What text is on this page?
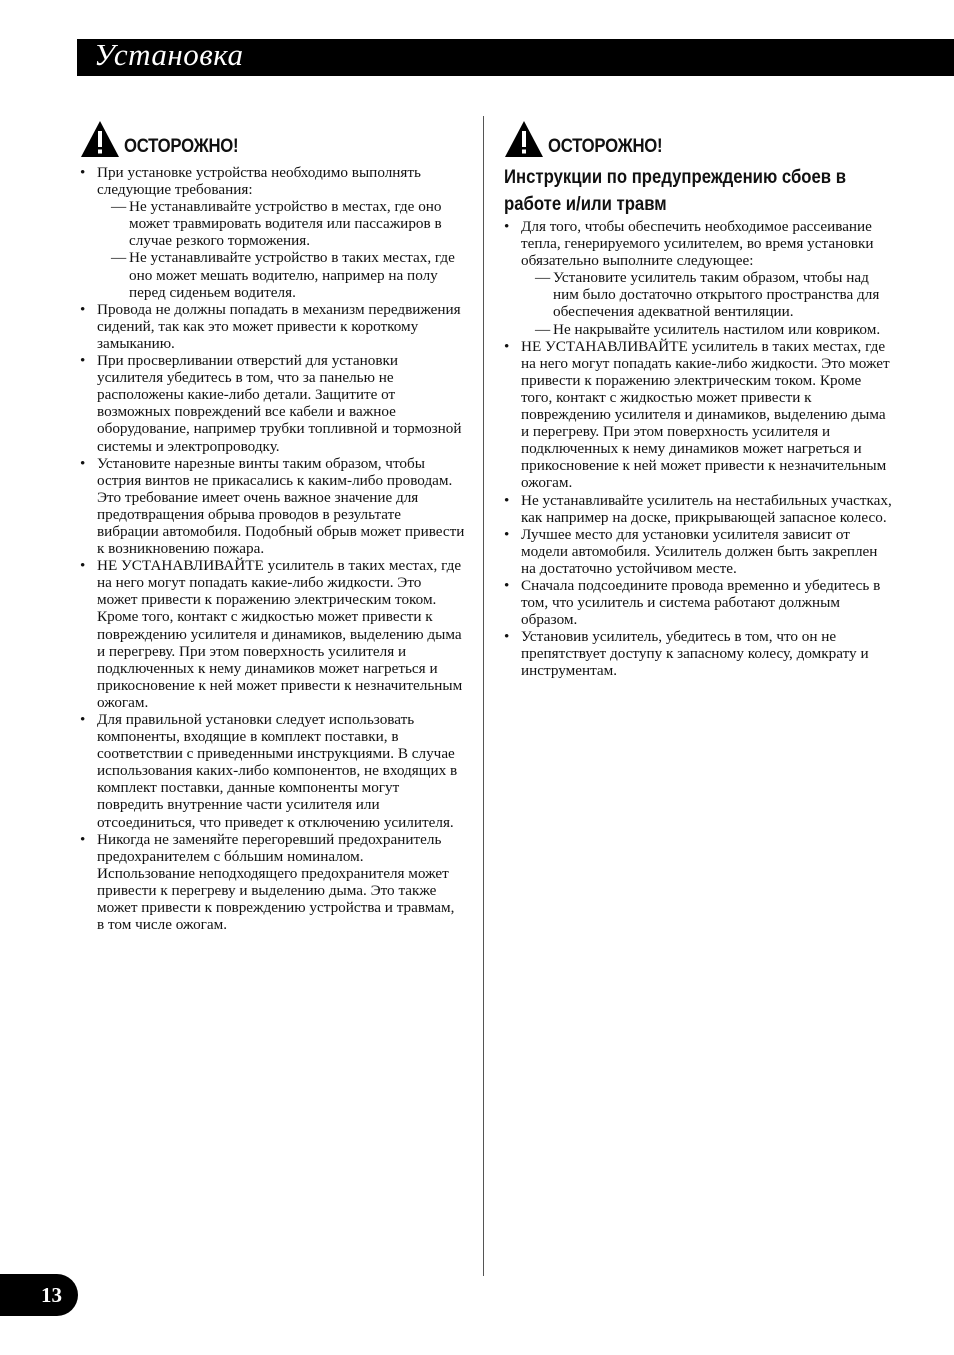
Установка
ОСТОРОЖНО!
• При установке устройства необходимо выполнять следующие требования:
— Не устанавливайте устройство в местах, где оно может травмировать водителя или пассажиров в случае резкого торможения.
— Не устанавливайте устройство в таких местах, где оно может мешать водителю, например на полу перед сиденьем водителя.
• Провода не должны попадать в механизм передвижения сидений, так как это может привести к короткому замыканию.
• При просверливании отверстий для установки усилителя убедитесь в том, что за панелью не расположены какие-либо детали. Защитите от возможных повреждений все кабели и важное оборудование, например трубки топливной и тормозной системы и электропроводку.
• Установите нарезные винты таким образом, чтобы острия винтов не прикасались к каким-либо проводам. Это требование имеет очень важное значение для предотвращения обрыва проводов в результате вибрации автомобиля. Подобный обрыв может привести к возникновению пожара.
• НЕ УСТАНАВЛИВАЙТЕ усилитель в таких местах, где на него могут попадать какие-либо жидкости. Это может привести к поражению электрическим током. Кроме того, контакт с жидкостью может привести к повреждению усилителя и динамиков, выделению дыма и перегреву. При этом поверхность усилителя и подключенных к нему динамиков может нагреться и прикосновение к ней может привести к незначительным ожогам.
• Для правильной установки следует использовать компоненты, входящие в комплект поставки, в соответствии с приведенными инструкциями. В случае использования каких-либо компонентов, не входящих в комплект поставки, данные компоненты могут повредить внутренние части усилителя или отсоединиться, что приведет к отключению усилителя.
• Никогда не заменяйте перегоревший предохранитель предохранителем с бóльшим номиналом. Использование неподходящего предохранителя может привести к перегреву и выделению дыма. Это также может привести к повреждению устройства и травмам, в том числе ожогам.
ОСТОРОЖНО!
Инструкции по предупреждению сбоев в работе и/или травм
• Для того, чтобы обеспечить необходимое рассеивание тепла, генерируемого усилителем, во время установки обязательно выполните следующее:
— Установите усилитель таким образом, чтобы над ним было достаточно открытого пространства для обеспечения адекватной вентиляции.
— Не накрывайте усилитель настилом или ковриком.
• НЕ УСТАНАВЛИВАЙТЕ усилитель в таких местах, где на него могут попадать какие-либо жидкости. Это может привести к поражению электрическим током. Кроме того, контакт с жидкостью может привести к повреждению усилителя и динамиков, выделению дыма и перегреву. При этом поверхность усилителя и подключенных к нему динамиков может нагреться и прикосновение к ней может привести к незначительным ожогам.
• Не устанавливайте усилитель на нестабильных участках, как например на доске, прикрывающей запасное колесо.
• Лучшее место для установки усилителя зависит от модели автомобиля. Усилитель должен быть закреплен на достаточно устойчивом месте.
• Сначала подсоедините провода временно и убедитесь в том, что усилитель и система работают должным образом.
• Установив усилитель, убедитесь в том, что он не препятствует доступу к запасному колесу, домкрату и инструментам.
13
